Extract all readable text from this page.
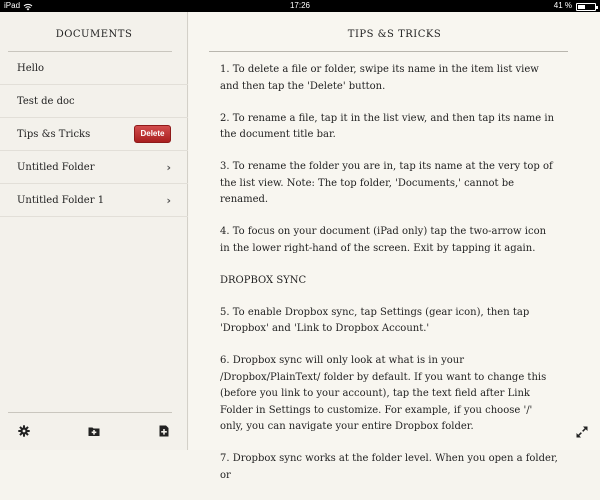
iPad	17:26	41 %
DOCUMENTS
Hello
Test de doc
Tips &s Tricks	Delete
Untitled Folder	›
Untitled Folder 1	›
TIPS &S TRICKS

1. To delete a file or folder, swipe its name in the item list view and then tap the 'Delete' button.

2. To rename a file, tap it in the list view, and then tap its name in the document title bar.

3. To rename the folder you are in, tap its name at the very top of the list view. Note: The top folder, 'Documents,' cannot be renamed.

4. To focus on your document (iPad only) tap the two-arrow icon in the lower right-hand of the screen. Exit by tapping it again.

DROPBOX SYNC

5. To enable Dropbox sync, tap Settings (gear icon), then tap 'Dropbox' and 'Link to Dropbox Account.'

6. Dropbox sync will only look at what is in your /Dropbox/PlainText/ folder by default. If you want to change this (before you link to your account), tap the text field after Link Folder in Settings to customize. For example, if you choose '/' only, you can navigate your entire Dropbox folder.

7. Dropbox sync works at the folder level. When you open a folder, or
